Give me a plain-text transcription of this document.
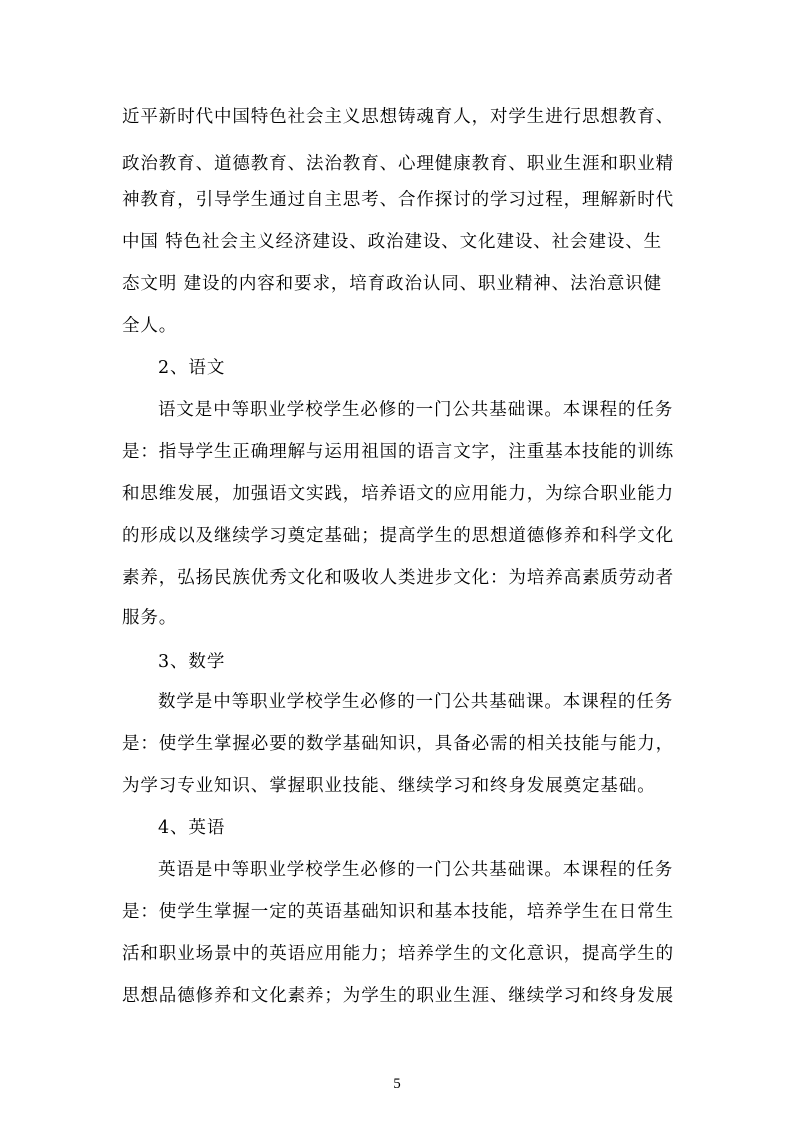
近平新时代中国特色社会主义思想铸魂育人，对学生进行思想教育、
政治教育、道德教育、法治教育、心理健康教育、职业生涯和职业精
神教育，引导学生通过自主思考、合作探讨的学习过程，理解新时代
中国 特色社会主义经济建设、政治建设、文化建设、社会建设、生
态文明 建设的内容和要求，培育政治认同、职业精神、法治意识健
全人。
2、语文
语文是中等职业学校学生必修的一门公共基础课。本课程的任务
是：指导学生正确理解与运用祖国的语言文字，注重基本技能的训练
和思维发展，加强语文实践，培养语文的应用能力，为综合职业能力
的形成以及继续学习奠定基础；提高学生的思想道德修养和科学文化
素养，弘扬民族优秀文化和吸收人类进步文化：为培养高素质劳动者
服务。
3、数学
数学是中等职业学校学生必修的一门公共基础课。本课程的任务
是：使学生掌握必要的数学基础知识，具备必需的相关技能与能力，
为学习专业知识、掌握职业技能、继续学习和终身发展奠定基础。
4、英语
英语是中等职业学校学生必修的一门公共基础课。本课程的任务
是：使学生掌握一定的英语基础知识和基本技能，培养学生在日常生
活和职业场景中的英语应用能力；培养学生的文化意识，提高学生的
思想品德修养和文化素养；为学生的职业生涯、继续学习和终身发展
5
